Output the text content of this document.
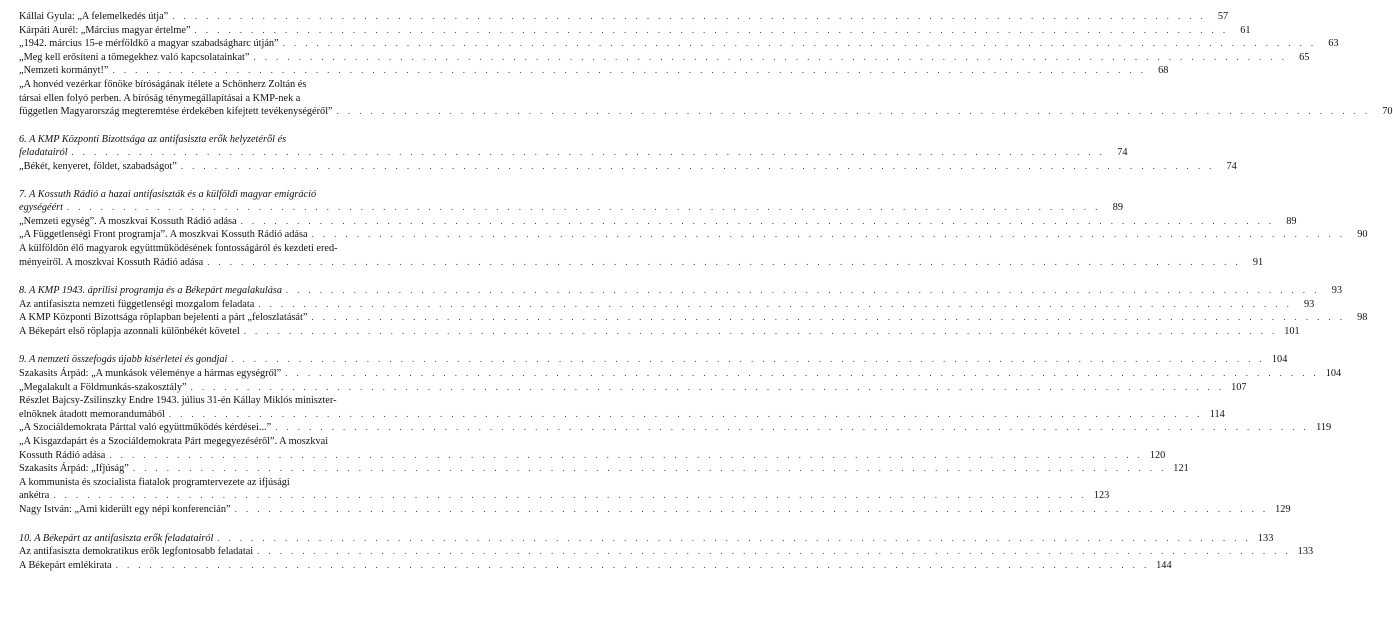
Kállai Gyula: „A felemelkedés útja” . . .	57
Kárpáti Aurél: „Március magyar értelme” . . .	61
„1942. március 15-e mérföldkő a magyar szabadságharc útján” . . .	63
„Meg kell erősíteni a tömegekhez való kapcsolatainkat” . . .	65
„Nemzeti kormányt!” . . .	68
„A honvéd vezérkar főnöke bíróságának ítélete a Schönherz Zoltán és
társai ellen folyó perben. A bíróság ténymegállapításai a KMP-nek a
független Magyarország megteremtése érdekében kifejtett tevékenységéről” . . .	70
6. A KMP Központi Bizottsága az antifasiszta erők helyzetéről és
feladatairól . . .	74
„Békét, kenyeret, földet, szabadságot” . . .	74
7. A Kossuth Rádió a hazai antifasiszták és a külföldi magyar emigráció
egységéért . . .	89
„Nemzeti egység”. A moszkvai Kossuth Rádió adása . . .	89
„A Függetlenségi Front programja”. A moszkvai Kossuth Rádió adása . . .	90
A külföldön élő magyarok együttműködésének fontosságáról és kezdeti ered-
ményeiről. A moszkvai Kossuth Rádió adása . . .	91
8. A KMP 1943. áprilisi programja és a Békepárt megalakulása . . .	93
Az antifasiszta nemzeti függetlenségi mozgalom feladata . . .	93
A KMP Központi Bizottsága röplapban bejelenti a párt „feloszlatását” . . .	98
A Békepárt első röplapja azonnali különbékét követel . . .	101
9. A nemzeti összefogás újabb kísérletei és gondjai . . .	104
Szakasits Árpád: „A munkások véleménye a hármas egységről” . . .	104
„Megalakult a Földmunkás-szakosztály” . . .	107
Részlet Bajcsy-Zsilinszky Endre 1943. július 31-én Kállay Miklós miniszter-
elnöknek átadott memorandumából . . .	114
„A Szociáldemokrata Párttal való együttműködés kérdései...” . . .	119
„A Kisgazdapárt és a Szociáldemokrata Párt megegyezéséről”. A moszkvai
Kossuth Rádió adása . . .	120
Szakasits Árpád: „Ifjúság” . . .	121
A kommunista és szocialista fiatalok programtervezete az ifjúsági
ankétra . . .	123
Nagy István: „Ami kiderült egy népi konferencián” . . .	129
10. A Békepárt az antifasiszta erők feladatairól . . .	133
Az antifasiszta demokratikus erők legfontosabb feladatai . . .	133
A Békepárt emlékirata . . .	144
